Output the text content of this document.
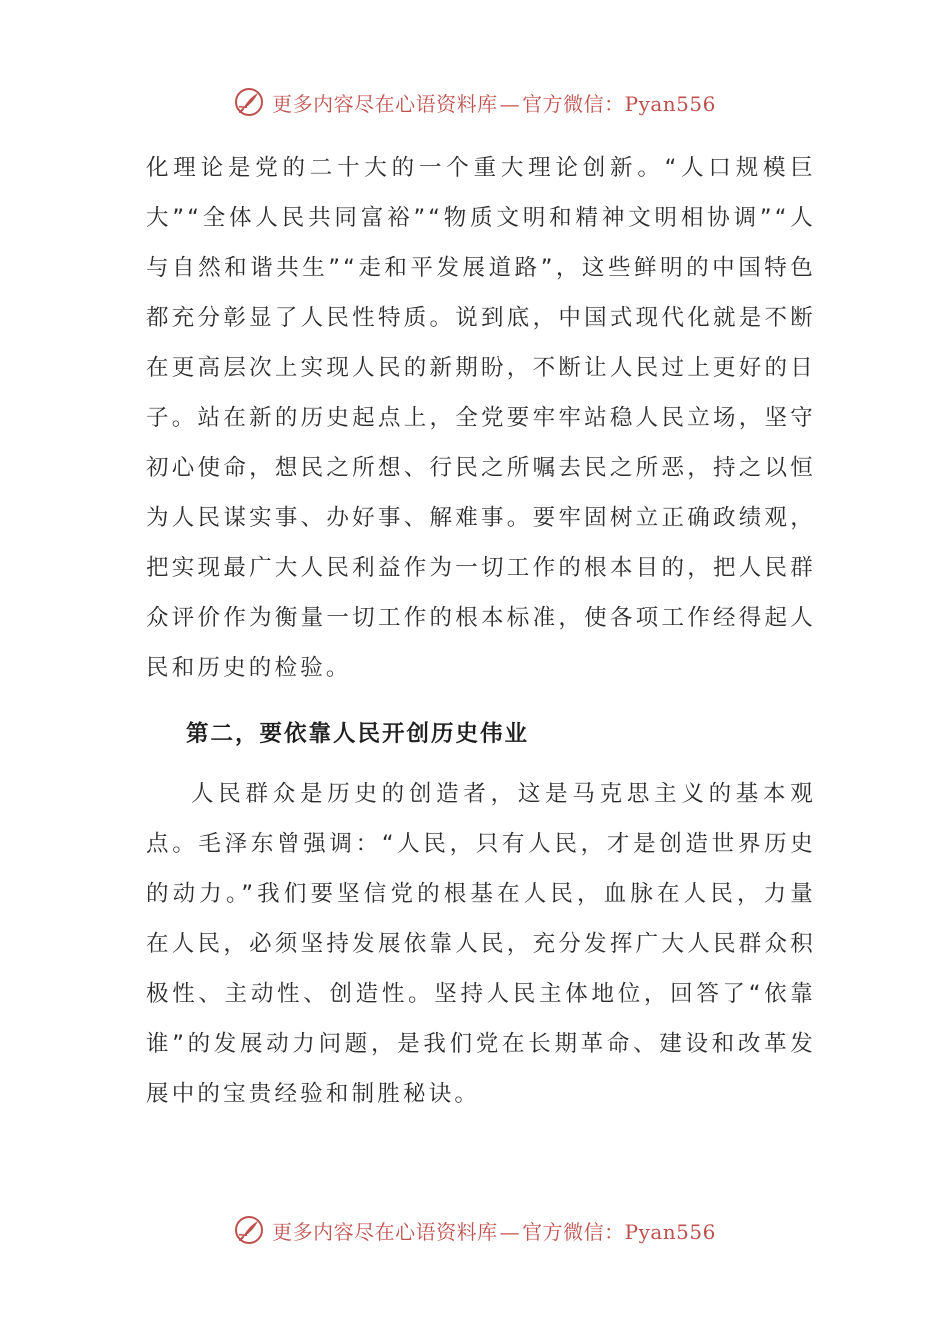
更多内容尽在心语资料库 — 官方微信：Pyan556

化理论是党的二十大的一个重大理论创新。“人口规模巨大”“全体人民共同富裕”“物质文明和精神文明相协调”“人与自然和谐共生”“走和平发展道路”，这些鲜明的中国特色都充分彰显了人民性特质。说到底，中国式现代化就是不断在更高层次上实现人民的新期盼，不断让人民过上更好的日子。站在新的历史起点上，全党要牢牢站稳人民立场，坚守初心使命，想民之所想、行民之所嘱去民之所恶，持之以恒为人民谋实事、办好事、解难事。要牢固树立正确政绩观，把实现最广大人民利益作为一切工作的根本目的，把人民群众评价作为衡量一切工作的根本标准，使各项工作经得起人民和历史的检验。

第二，要依靠人民开创历史伟业

人民群众是历史的创造者，这是马克思主义的基本观点。毛泽东曾强调：“人民，只有人民，才是创造世界历史的动力。”我们要坚信党的根基在人民，血脉在人民，力量在人民，必须坚持发展依靠人民，充分发挥广大人民群众积极性、主动性、创造性。坚持人民主体地位，回答了“依靠谁”的发展动力问题，是我们党在长期革命、建设和改革发展中的宝贵经验和制胜秘诀。

更多内容尽在心语资料库 — 官方微信：Pyan556
